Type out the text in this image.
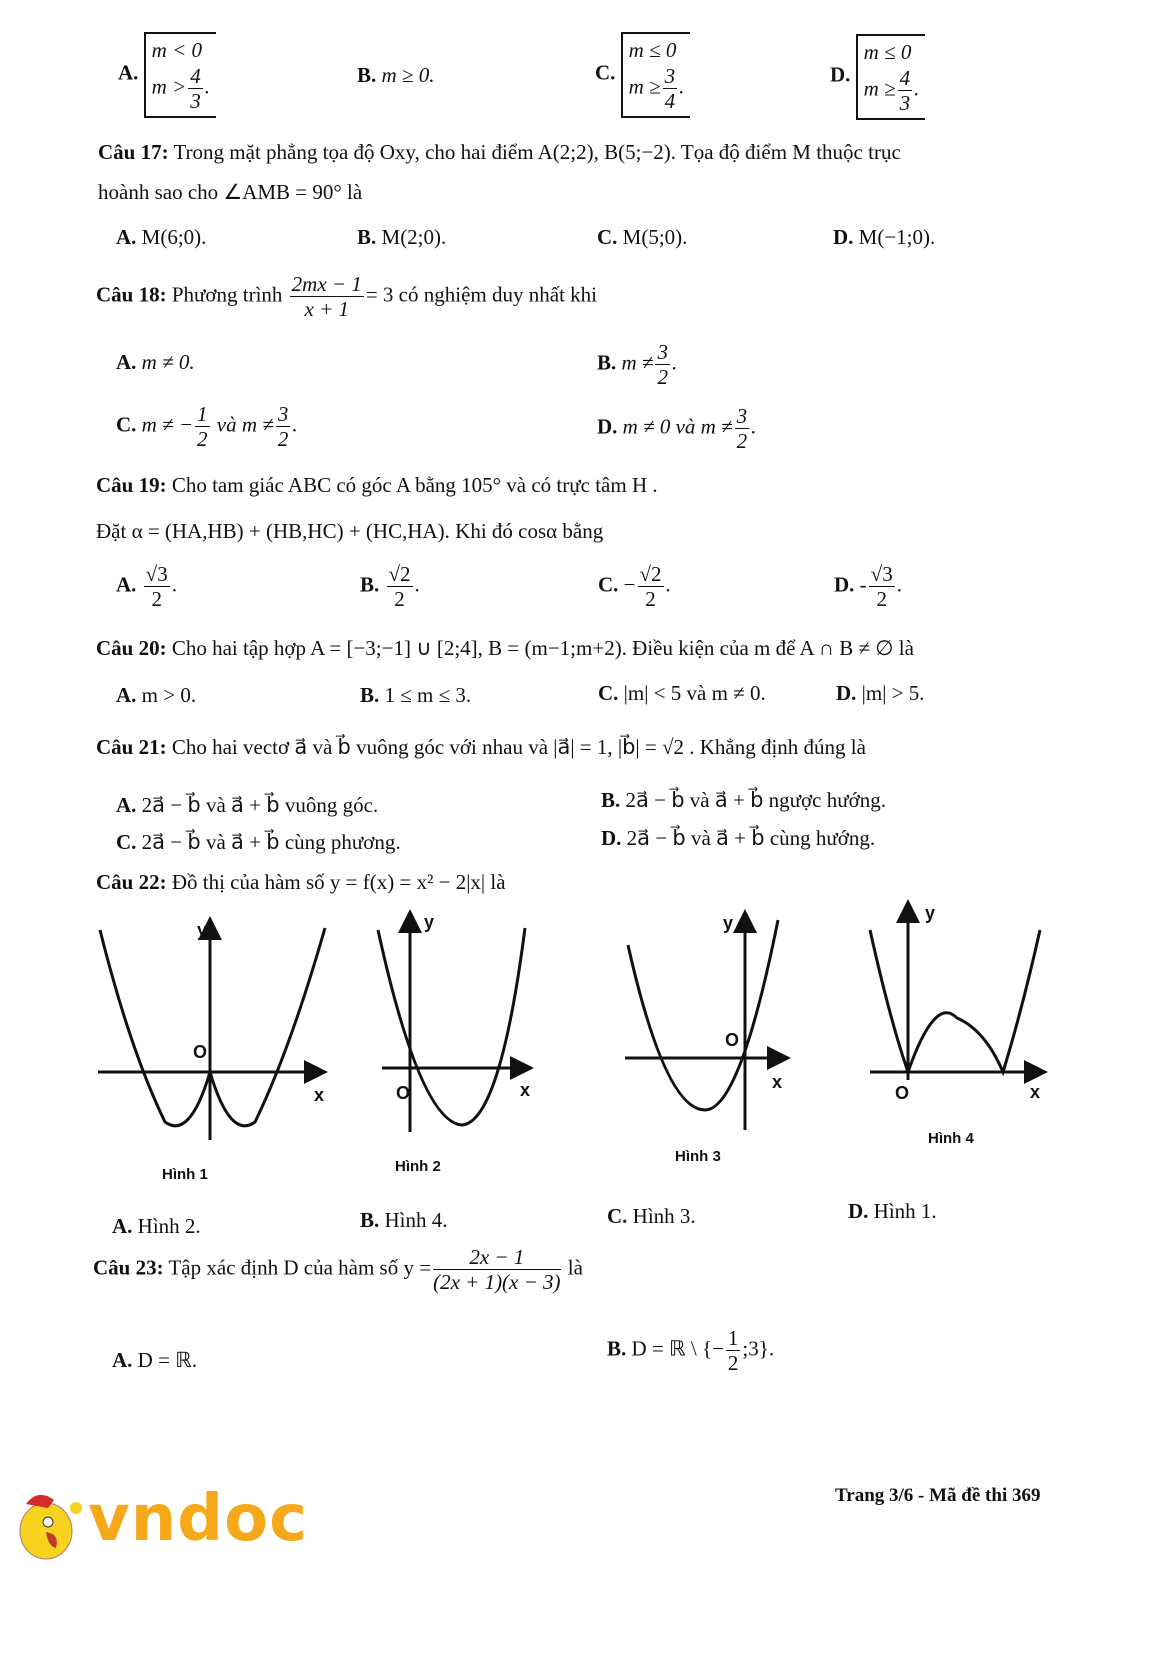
A.
m < 0
$m > \frac{4}{3}$ .	B. m ≥ 0.	C.
m ≤ 0
$m \ge \frac{3}{4}$ .
D.
m ≤ 0
$m \ge \frac{4}{3}$ .
Câu 17: Trong mặt phẳng tọa độ Oxy, cho hai điểm A(2;2), B(5;−2). Tọa độ điểm M thuộc trục
hoành sao cho ∠AMB = 90° là
A. M(6;0).	B. M(2;0).	C. M(5;0).	D. M(−1;0).
Câu 18: Phương trình $\frac{2mx - 1}{x + 1} = 3$ có nghiệm duy nhất khi
A. m ≠ 0.	B. $m \ne \frac{3}{2}$ .
C. m ≠ − $\frac{1}{2}$ và $m \ne \frac{3}{2}$ .	D. m ≠ 0 và $m \ne \frac{3}{2}$ .
Câu 19: Cho tam giác ABC có góc A bằng 105° và có trực tâm H .
Đặt α = (HA,HB) + (HB,HC) + (HC,HA). Khi đó cosα bằng
A. $\frac{√3}{2}$ .	B. $\frac{√2}{2}$ .	C. − $\frac{√2}{2}$ .	D. - $\frac{√3}{2}$ .
Câu 20: Cho hai tập hợp A = [−3;−1] ∪ [2;4], B = (m−1;m+2). Điều kiện của m để A ∩ B ≠ ∅ là
A. m > 0.	B. 1 ≤ m ≤ 3.	C. |m| < 5 và m ≠ 0.	D. |m| > 5.
Câu 21: Cho hai vectơ a⃗ và b⃗ vuông góc với nhau và |a⃗| = 1, |b⃗| = √2 . Khẳng định đúng là
A. 2a⃗ − b⃗ và a⃗ + b⃗ vuông góc.	B. 2a⃗ − b⃗ và a⃗ + b⃗ ngược hướng.
C. 2a⃗ − b⃗ và a⃗ + b⃗ cùng phương.	D. 2a⃗ − b⃗ và a⃗ + b⃗ cùng hướng.
Câu 22: Đồ thị của hàm số y = f(x) = x² − 2|x| là
O
y
x
Hình 1
O
y
x
Hình 2
O
y
x
Hình 3
O
y
x
Hình 4
A. Hình 2.	B. Hình 4.	C. Hình 3.	D. Hình 1.
Câu 23: Tập xác định D của hàm số $y = \frac{2x - 1}{(2x + 1)(x - 3)}$ là
A. D = ℝ.	B. D = ℝ \ {− $\frac{1}{2}$ ;3}.
Trang 3/6 - Mã đề thi 369
vndoc
